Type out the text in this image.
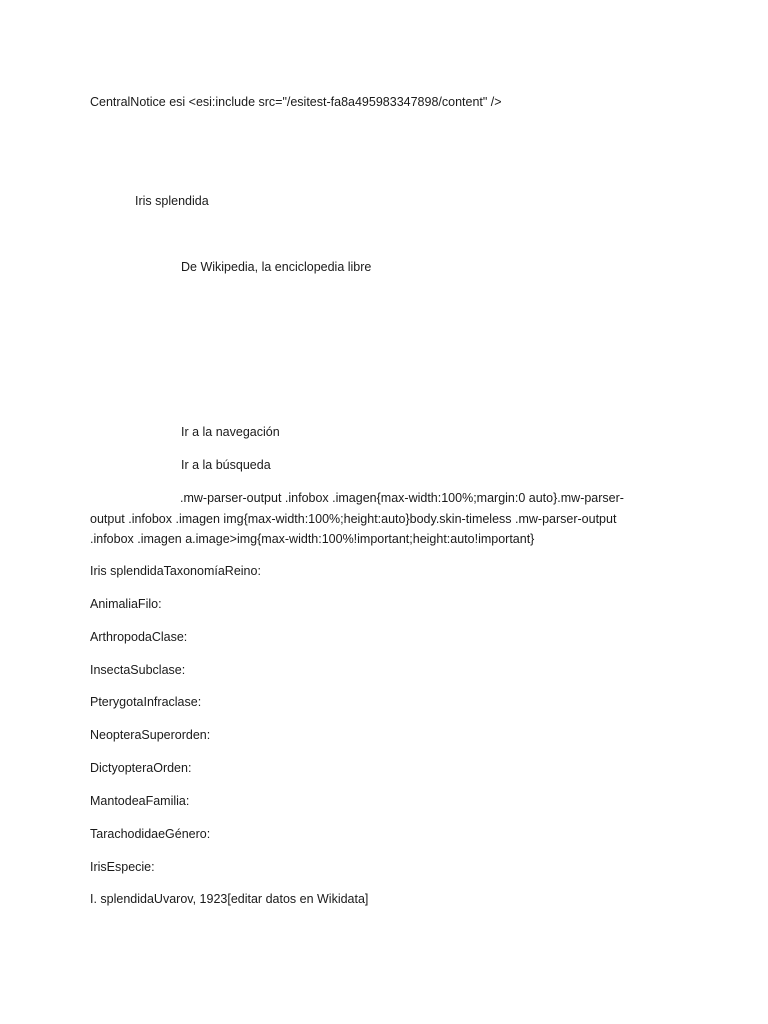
CentralNotice esi <esi:include src="/esitest-fa8a495983347898/content" />
Iris splendida
De Wikipedia, la enciclopedia libre
Ir a la navegación
Ir a la búsqueda
.mw-parser-output .infobox .imagen{max-width:100%;margin:0 auto}.mw-parser-output .infobox .imagen img{max-width:100%;height:auto}body.skin-timeless .mw-parser-output .infobox .imagen a.image>img{max-width:100%!important;height:auto!important}
Iris splendidaTaxonomíaReino:
AnimaliaFilo:
ArthropodaClase:
InsectaSubclase:
PterygotaInfraclase:
NeopteraSuperorden:
DictyopteraOrden:
MantodeaFamilia:
TarachodidaeGénero:
IrisEspecie:
I. splendidaUvarov, 1923[editar datos en Wikidata]
